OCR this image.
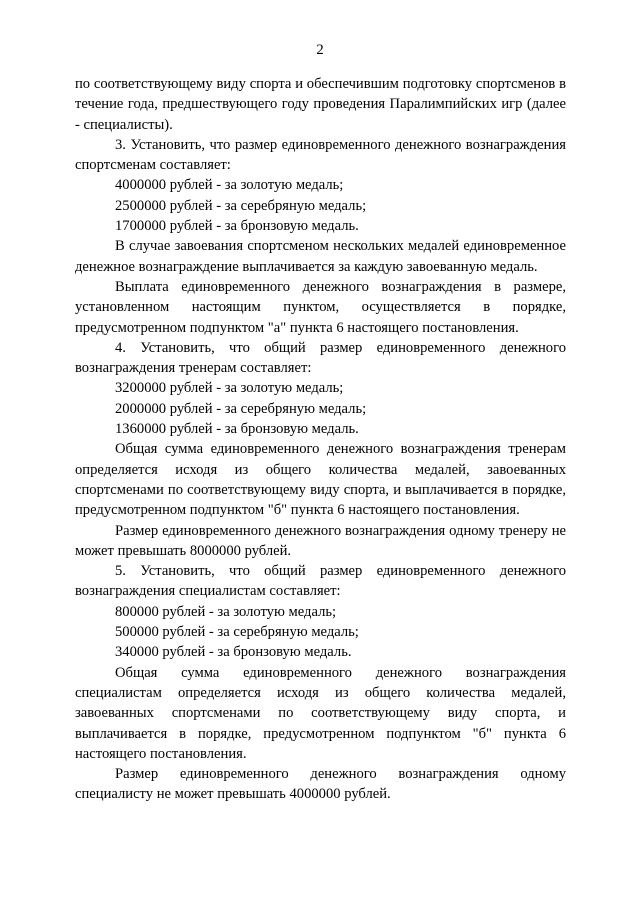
2

по соответствующему виду спорта и обеспечившим подготовку спортсменов в течение года, предшествующего году проведения Паралимпийских игр (далее - специалисты).

3. Установить, что размер единовременного денежного вознаграждения спортсменам составляет:

4000000 рублей - за золотую медаль;

2500000 рублей - за серебряную медаль;

1700000 рублей - за бронзовую медаль.

В случае завоевания спортсменом нескольких медалей единовременное денежное вознаграждение выплачивается за каждую завоеванную медаль.

Выплата единовременного денежного вознаграждения в размере, установленном настоящим пунктом, осуществляется в порядке, предусмотренном подпунктом "а" пункта 6 настоящего постановления.

4. Установить, что общий размер единовременного денежного вознаграждения тренерам составляет:

3200000 рублей - за золотую медаль;

2000000 рублей - за серебряную медаль;

1360000 рублей - за бронзовую медаль.

Общая сумма единовременного денежного вознаграждения тренерам определяется исходя из общего количества медалей, завоеванных спортсменами по соответствующему виду спорта, и выплачивается в порядке, предусмотренном подпунктом "б" пункта 6 настоящего постановления.

Размер единовременного денежного вознаграждения одному тренеру не может превышать 8000000 рублей.

5. Установить, что общий размер единовременного денежного вознаграждения специалистам составляет:

800000 рублей - за золотую медаль;

500000 рублей - за серебряную медаль;

340000 рублей - за бронзовую медаль.

Общая сумма единовременного денежного вознаграждения специалистам определяется исходя из общего количества медалей, завоеванных спортсменами по соответствующему виду спорта, и выплачивается в порядке, предусмотренном подпунктом "б" пункта 6 настоящего постановления.

Размер единовременного денежного вознаграждения одному специалисту не может превышать 4000000 рублей.
